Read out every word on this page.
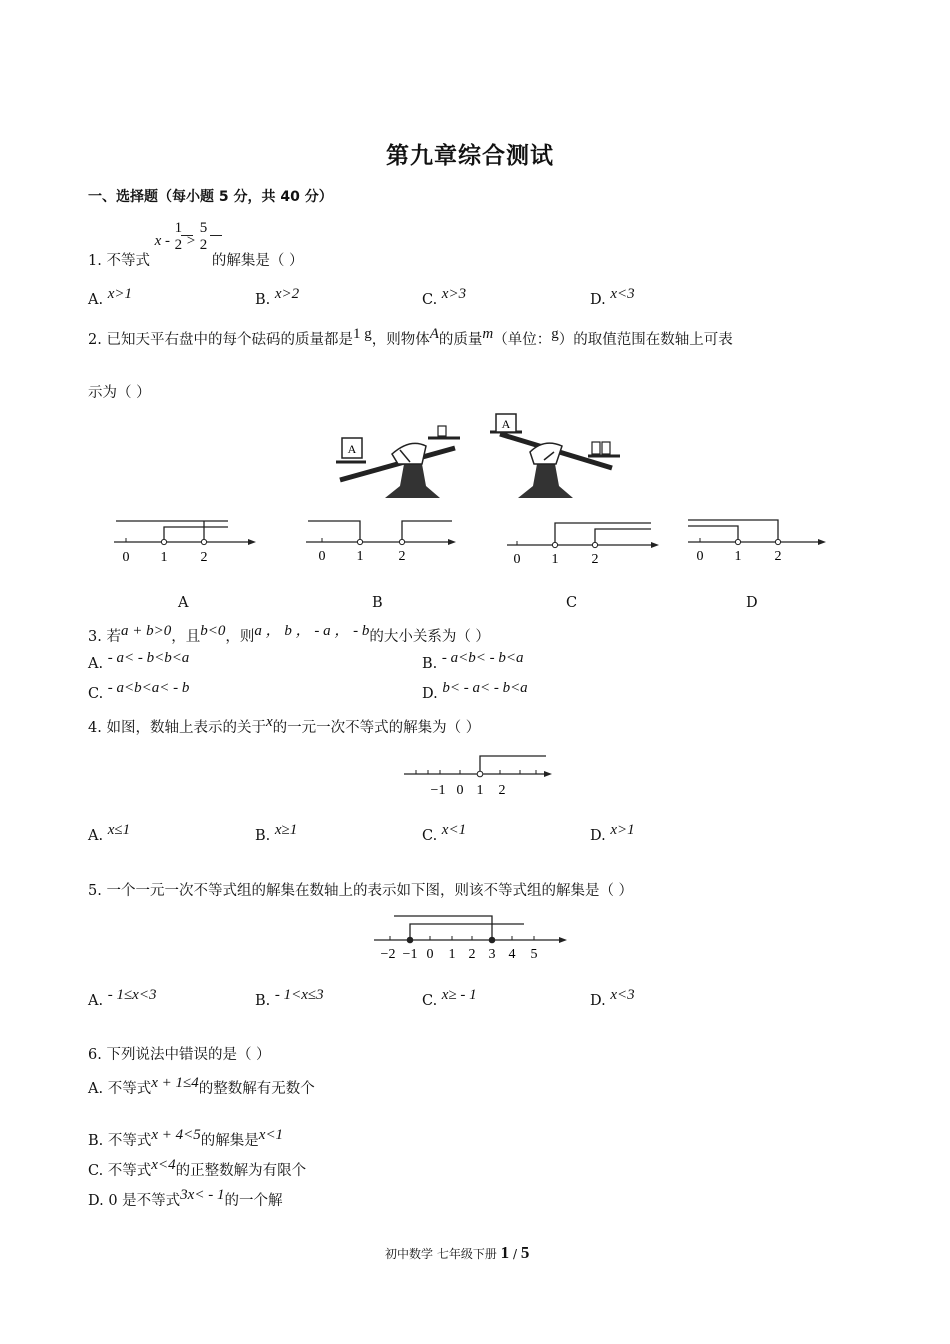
第九章综合测试
一、选择题（每小题 5 分，共 40 分）
1. 不等式 x -
1
2 >
5
2
的解集是（ ）
A. x>1	B. x>2	C. x>3	D. x<3
2. 已知天平右盘中的每个砝码的质量都是1 g，则物体A的质量m（单位：g）的取值范围在数轴上可表
示为（ ）
A
A
0 1 2	0 1	2	0 1 2	0 1 2
A	B	C	D
3. 若a + b>0，且b<0，则a ， b ， - a ， - b的大小关系为（ ）
A. - a< - b<b<a	B. - a<b< - b<a
C. - a<b<a< - b	D. b< - a< - b<a
4. 如图，数轴上表示的关于x的一元一次不等式的解集为（ ）
−1 0 1 2
A. x≤1	B. x≥1	C. x<1	D. x>1
5. 一个一元一次不等式组的解集在数轴上的表示如下图，则该不等式组的解集是（ ）
−2 −1 0 1 2 3 4 5
A. - 1≤x<3	B. - 1<x≤3	C. x≥ - 1	D. x<3
6. 下列说法中错误的是（ ）
A. 不等式x + 1≤4的整数解有无数个
B. 不等式x + 4<5的解集是x<1
C. 不等式x<4的正整数解为有限个
D. 0 是不等式3x< - 1的一个解
初中数学 七年级下册 1 / 5
